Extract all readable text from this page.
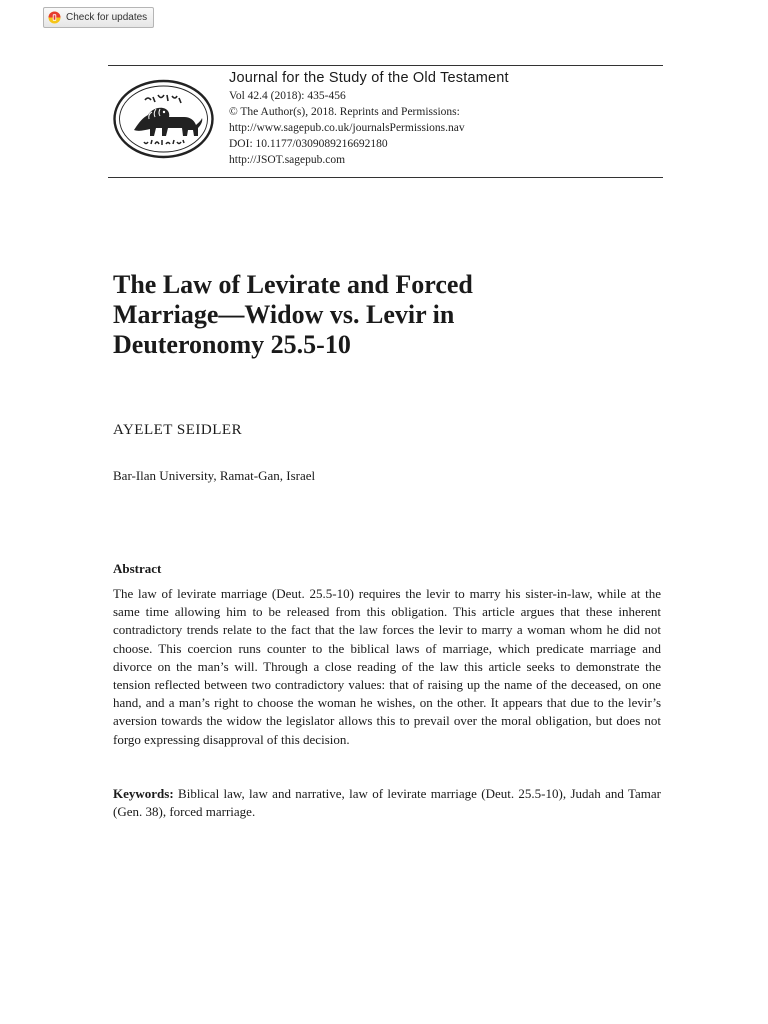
Check for updates
Journal for the Study of the Old Testament
Vol 42.4 (2018): 435-456
© The Author(s), 2018. Reprints and Permissions:
http://www.sagepub.co.uk/journalsPermissions.nav
DOI: 10.1177/0309089216692180
http://JSOT.sagepub.com
The Law of Levirate and Forced Marriage—Widow vs. Levir in Deuteronomy 25.5-10
AYELET SEIDLER
Bar-Ilan University, Ramat-Gan, Israel
Abstract

The law of levirate marriage (Deut. 25.5-10) requires the levir to marry his sister-in-law, while at the same time allowing him to be released from this obligation. This article argues that these inherent contradictory trends relate to the fact that the law forces the levir to marry a woman whom he did not choose. This coercion runs counter to the biblical laws of marriage, which predicate marriage and divorce on the man’s will. Through a close reading of the law this article seeks to demonstrate the tension reflected between two contradictory values: that of raising up the name of the deceased, on one hand, and a man’s right to choose the woman he wishes, on the other. It appears that due to the levir’s aversion towards the widow the legislator allows this to prevail over the moral obligation, but does not forgo expressing disapproval of this decision.

Keywords: Biblical law, law and narrative, law of levirate marriage (Deut. 25.5-10), Judah and Tamar (Gen. 38), forced marriage.
